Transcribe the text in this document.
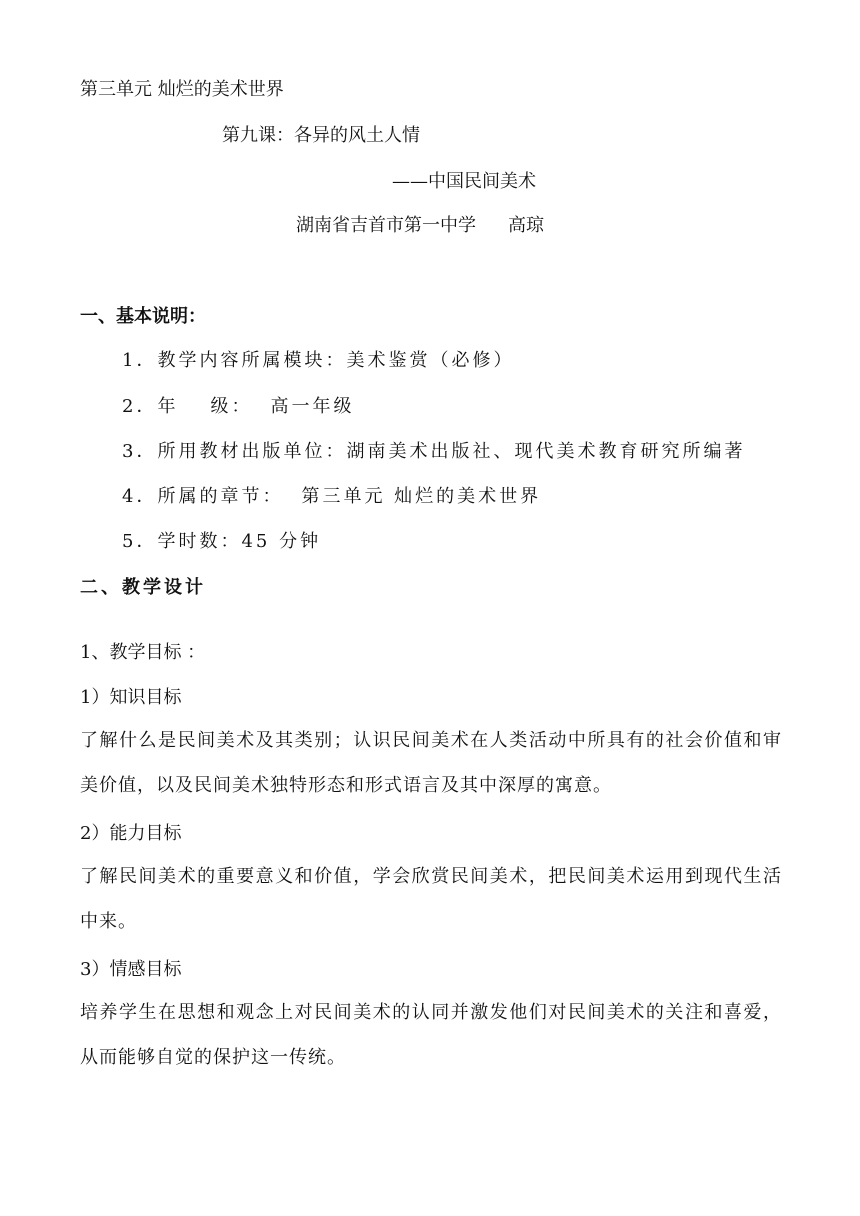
第三单元 灿烂的美术世界
第九课：各异的风土人情
——中国民间美术
湖南省吉首市第一中学 高琼
一、基本说明：
1．教学内容所属模块：美术鉴赏（必修）
2．年 级： 高一年级
3．所用教材出版单位：湖南美术出版社、现代美术教育研究所编著
4．所属的章节： 第三单元 灿烂的美术世界
5．学时数：45 分钟
二、教学设计
1、教学目标 ：
1）知识目标
了解什么是民间美术及其类别；认识民间美术在人类活动中所具有的社会价值和审美价值，以及民间美术独特形态和形式语言及其中深厚的寓意。
2）能力目标
了解民间美术的重要意义和价值，学会欣赏民间美术，把民间美术运用到现代生活中来。
3）情感目标
培养学生在思想和观念上对民间美术的认同并激发他们对民间美术的关注和喜爱，从而能够自觉的保护这一传统。
